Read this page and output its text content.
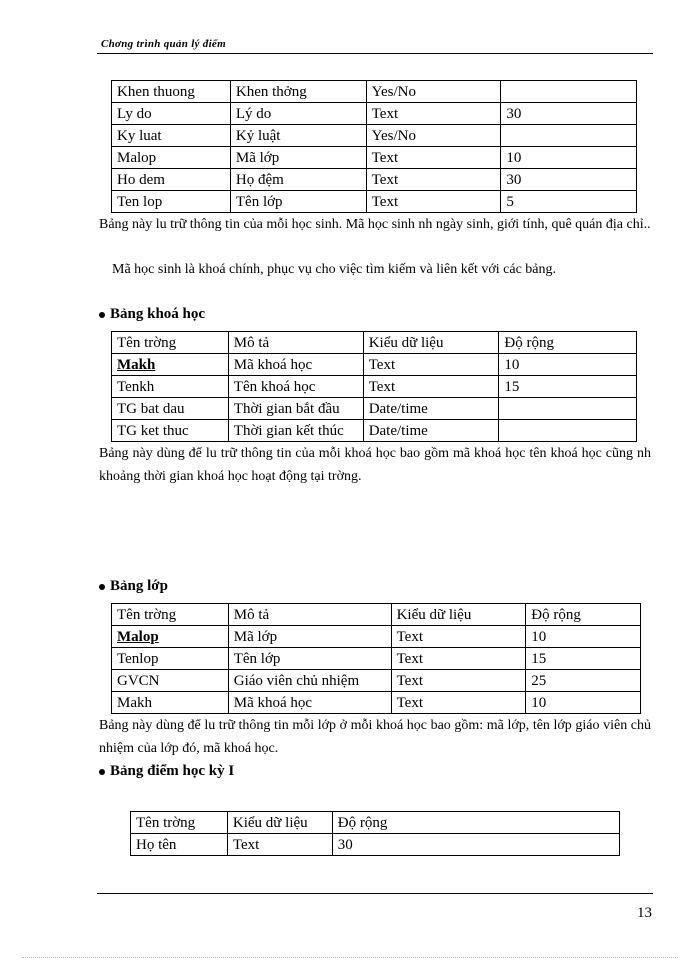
Chơng trình quản lý điểm
Khen thuong	Khen thởng	Yes/No	
Ly do	Lý do	Text	30
Ky luat	Kỷ luật	Yes/No	
Malop	Mã lớp	Text	10
Ho dem	Họ đệm	Text	30
Ten lop	Tên lớp	Text	5
Bảng này lu trữ thông tin của mỗi học sinh. Mã học sinh nh ngày sinh, giới tính, quê quán địa chỉ..
Mã học sinh là khoá chính, phục vụ cho việc tìm kiếm và liên kết với các bảng.
Bảng khoá học
Tên trờng	Mô tả	Kiểu dữ liệu	Độ rộng
Makh	Mã khoá học	Text	10
Tenkh	Tên khoá học	Text	15
TG bat dau	Thời gian bắt đầu	Date/time	
TG ket thuc	Thời gian kết thúc	Date/time	
Bảng này dùng để lu trữ thông tin của mỗi khoá học bao gồm mã khoá học tên khoá học cũng nh khoảng thời gian khoá học hoạt động tại trờng.
Bảng lớp
Tên trờng	Mô tả	Kiểu dữ liệu	Độ rộng
Malop	Mã lớp	Text	10
Tenlop	Tên lớp	Text	15
GVCN	Giáo viên chủ nhiệm	Text	25
Makh	Mã khoá học	Text	10
Bảng này dùng để lu trữ thông tin mỗi lớp ở mỗi khoá học bao gồm: mã lớp, tên lớp giáo viên chủ nhiệm của lớp đó, mã khoá học.
Bảng điểm học kỳ I
Tên trờng	Kiểu dữ liệu	Độ rộng
Họ tên	Text	30
13
